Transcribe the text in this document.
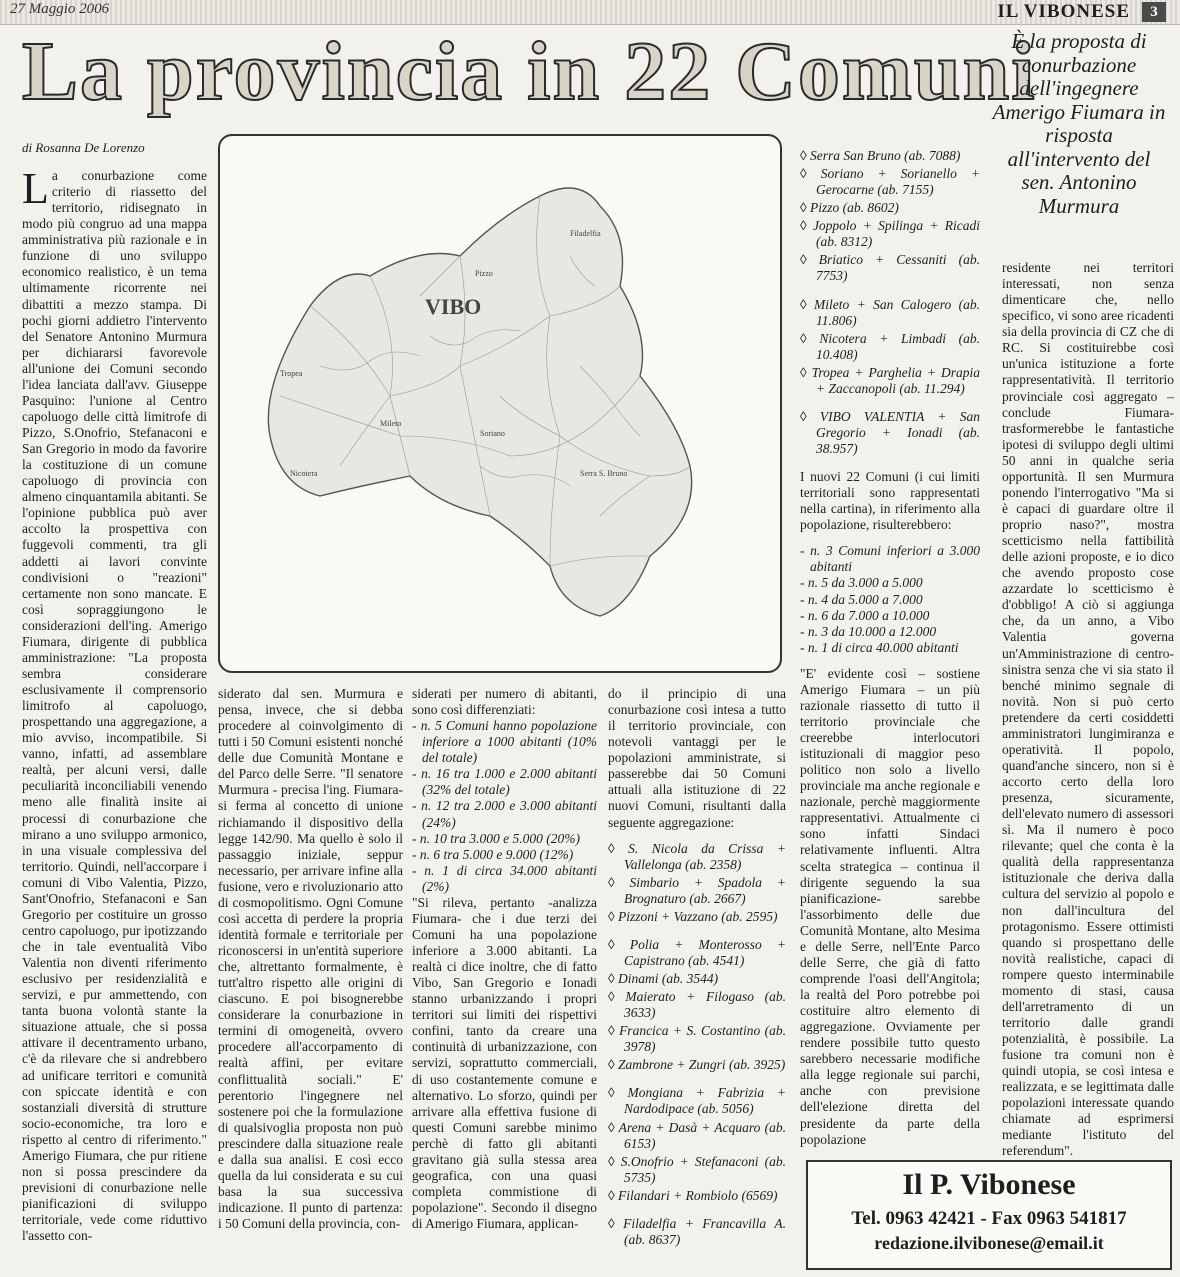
27 Maggio 2006	IL VIBONESE	3
La provincia in 22 Comuni
È la proposta di conurbazione dell'ingegnere Amerigo Fiumara in risposta all'intervento del sen. Antonino Murmura
di Rosanna De Lorenzo
L a conurbazione come criterio di riassetto del territorio, ridisegnato in modo più congruo ad una mappa amministrativa più razionale e in funzione di uno sviluppo economico realistico, è un tema ultimamente ricorrente nei dibattiti a mezzo stampa. Di pochi giorni addietro l'intervento del Senatore Antonino Murmura per dichiararsi favorevole all'unione dei Comuni secondo l'idea lanciata dall'avv. Giuseppe Pasquino: l'unione al Centro capoluogo delle città limitrofe di Pizzo, S.Onofrio, Stefanaconi e San Gregorio in modo da favorire la costituzione di un comune capoluogo di provincia con almeno cinquantamila abitanti. Se l'opinione pubblica può aver accolto la prospettiva con fuggevoli commenti, tra gli addetti ai lavori convinte condivisioni o "reazioni" certamente non sono mancate. E così sopraggiungono le considerazioni dell'ing. Amerigo Fiumara, dirigente di pubblica amministrazione: "La proposta sembra considerare esclusivamente il comprensorio limitrofo al capoluogo, prospettando una aggregazione, a mio avviso, incompatibile. Si vanno, infatti, ad assemblare realtà, per alcuni versi, dalle peculiarità inconciliabili venendo meno alle finalità insite ai processi di conurbazione che mirano a uno sviluppo armonico, in una visuale complessiva del territorio. Quindi, nell'accorpare i comuni di Vibo Valentia, Pizzo, Sant'Onofrio, Stefanaconi e San Gregorio per costituire un grosso centro capoluogo, pur ipotizzando che in tale eventualità Vibo Valentia non diventi riferimento esclusivo per residenzialità e servizi, e pur ammettendo, con tanta buona volontà stante la situazione attuale, che si possa attivare il decentramento urbano, c'è da rilevare che si andrebbero ad unificare territori e comunità con spiccate identità e con sostanziali diversità di strutture socio-economiche, tra loro e rispetto al centro di riferimento." Amerigo Fiumara, che pur ritiene non si possa prescindere da previsioni di conurbazione nelle pianificazioni di sviluppo territoriale, vede come riduttivo l'assetto con-
VIBO
Pizzo
Tropea
Mileto
Serra S. Bruno
Nicotera
Soriano
Filadelfia
siderato dal sen. Murmura e pensa, invece, che si debba procedere al coinvolgimento di tutti i 50 Comuni esistenti nonché delle due Comunità Montane e del Parco delle Serre. "Il senatore Murmura - precisa l'ing. Fiumara- si ferma al concetto di unione richiamando il dispositivo della legge 142/90. Ma quello è solo il passaggio iniziale, seppur necessario, per arrivare infine alla fusione, vero e rivoluzionario atto di cosmopolitismo. Ogni Comune così accetta di perdere la propria identità formale e territoriale per riconoscersi in un'entità superiore che, altrettanto formalmente, è tutt'altro rispetto alle origini di ciascuno. E poi bisognerebbe considerare la conurbazione in termini di omogeneità, ovvero procedere all'accorpamento di realtà affini, per evitare conflittualità sociali." E' perentorio l'ingegnere nel sostenere poi che la formulazione di qualsivoglia proposta non può prescindere dalla situazione reale e dalla sua analisi. E così ecco quella da lui considerata e su cui basa la sua successiva indicazione. Il punto di partenza: i 50 Comuni della provincia, con-

siderati per numero di abitanti, sono così differenziati:

- n. 5 Comuni hanno popolazione inferiore a 1000 abitanti (10% del totale)
- n. 16 tra 1.000 e 2.000 abitanti (32% del totale)
- n. 12 tra 2.000 e 3.000 abitanti (24%)
- n. 10 tra 3.000 e 5.000 (20%)
- n. 6 tra 5.000 e 9.000 (12%)
- n. 1 di circa 34.000 abitanti (2%)

"Si rileva, pertanto -analizza Fiumara- che i due terzi dei Comuni ha una popolazione inferiore a 3.000 abitanti. La realtà ci dice inoltre, che di fatto Vibo, San Gregorio e Ionadi stanno urbanizzando i propri territori sui limiti dei rispettivi confini, tanto da creare una continuità di urbanizzazione, con servizi, soprattutto commerciali, di uso costantemente comune e alternativo. Lo sforzo, quindi per arrivare alla effettiva fusione di questi Comuni sarebbe minimo perchè di fatto gli abitanti gravitano già sulla stessa area geografica, con una quasi completa commistione di popolazione". Secondo il disegno di Amerigo Fiumara, applican-

do il principio di una conurbazione così intesa a tutto il territorio provinciale, con notevoli vantaggi per le popolazioni amministrate, si passerebbe dai 50 Comuni attuali alla istituzione di 22 nuovi Comuni, risultanti dalla seguente aggregazione:

◊ S. Nicola da Crissa + Vallelonga (ab. 2358)
◊ Simbario + Spadola + Brognaturo (ab. 2667)
◊ Pizzoni + Vazzano (ab. 2595)
◊ Polia + Monterosso + Capistrano (ab. 4541)
◊ Dinami (ab. 3544)
◊ Maierato + Filogaso (ab. 3633)
◊ Francica + S. Costantino (ab. 3978)
◊ Zambrone + Zungri (ab. 3925)
◊ Mongiana + Fabrizia + Nardodipace (ab. 5056)
◊ Arena + Dasà + Acquaro (ab. 6153)
◊ S.Onofrio + Stefanaconi (ab. 5735)
◊ Filandari + Rombiolo (6569)
◊ Filadelfia + Francavilla A. (ab. 8637)
◊ Serra San Bruno (ab. 7088)
◊ Soriano + Sorianello + Gerocarne (ab. 7155)
◊ Pizzo (ab. 8602)
◊ Joppolo + Spilinga + Ricadi (ab. 8312)
◊ Briatico + Cessaniti (ab. 7753)
◊ Mileto + San Calogero (ab. 11.806)
◊ Nicotera + Limbadi (ab. 10.408)
◊ Tropea + Parghelia + Drapia + Zaccanopoli (ab. 11.294)
◊ VIBO VALENTIA + San Gregorio + Ionadi (ab. 38.957)

I nuovi 22 Comuni (i cui limiti territoriali sono rappresentati nella cartina), in riferimento alla popolazione, risulterebbero:

- n. 3 Comuni inferiori a 3.000 abitanti
- n. 5 da 3.000 a 5.000
- n. 4 da 5.000 a 7.000
- n. 6 da 7.000 a 10.000
- n. 3 da 10.000 a 12.000
- n. 1 di circa 40.000 abitanti

"E' evidente così – sostiene Amerigo Fiumara – un più razionale riassetto di tutto il territorio provinciale che creerebbe interlocutori istituzionali di maggior peso politico non solo a livello provinciale ma anche regionale e nazionale, perchè maggiormente rappresentativi. Attualmente ci sono infatti Sindaci relativamente influenti. Altra scelta strategica – continua il dirigente seguendo la sua pianificazione- sarebbe l'assorbimento delle due Comunità Montane, alto Mesima e delle Serre, nell'Ente Parco delle Serre, che già di fatto comprende l'oasi dell'Angitola; la realtà del Poro potrebbe poi costituire altro elemento di aggregazione. Ovviamente per rendere possibile tutto questo sarebbero necessarie modifiche alla legge regionale sui parchi, anche con previsione dell'elezione diretta del presidente da parte della popolazione

residente nei territori interessati, non senza dimenticare che, nello specifico, vi sono aree ricadenti sia della provincia di CZ che di RC. Si costituirebbe così un'unica istituzione a forte rappresentatività. Il territorio provinciale così aggregato – conclude Fiumara- trasformerebbe le fantastiche ipotesi di sviluppo degli ultimi 50 anni in qualche seria opportunità. Il sen Murmura ponendo l'interrogativo "Ma si è capaci di guardare oltre il proprio naso?", mostra scetticismo nella fattibilità delle azioni proposte, e io dico che avendo proposto cose azzardate lo scetticismo è d'obbligo! A ciò si aggiunga che, da un anno, a Vibo Valentia governa un'Amministrazione di centro-sinistra senza che vi sia stato il benché minimo segnale di novità. Non si può certo pretendere da certi cosiddetti amministratori lungimiranza e operatività. Il popolo, quand'anche sincero, non si è accorto certo della loro presenza, sicuramente, dell'elevato numero di assessori sì. Ma il numero è poco rilevante; quel che conta è la qualità della rappresentanza istituzionale che deriva dalla cultura del servizio al popolo e non dall'incultura del protagonismo. Essere ottimisti quando si prospettano delle novità realistiche, capaci di rompere questo interminabile momento di stasi, causa dell'arretramento di un territorio dalle grandi potenzialità, è possibile. La fusione tra comuni non è quindi utopia, se così intesa e realizzata, e se legittimata dalle popolazioni interessate quando chiamate ad esprimersi mediante l'istituto del referendum".
Il P. Vibonese
Tel. 0963 42421 - Fax 0963 541817
redazione.ilvibonese@email.it
